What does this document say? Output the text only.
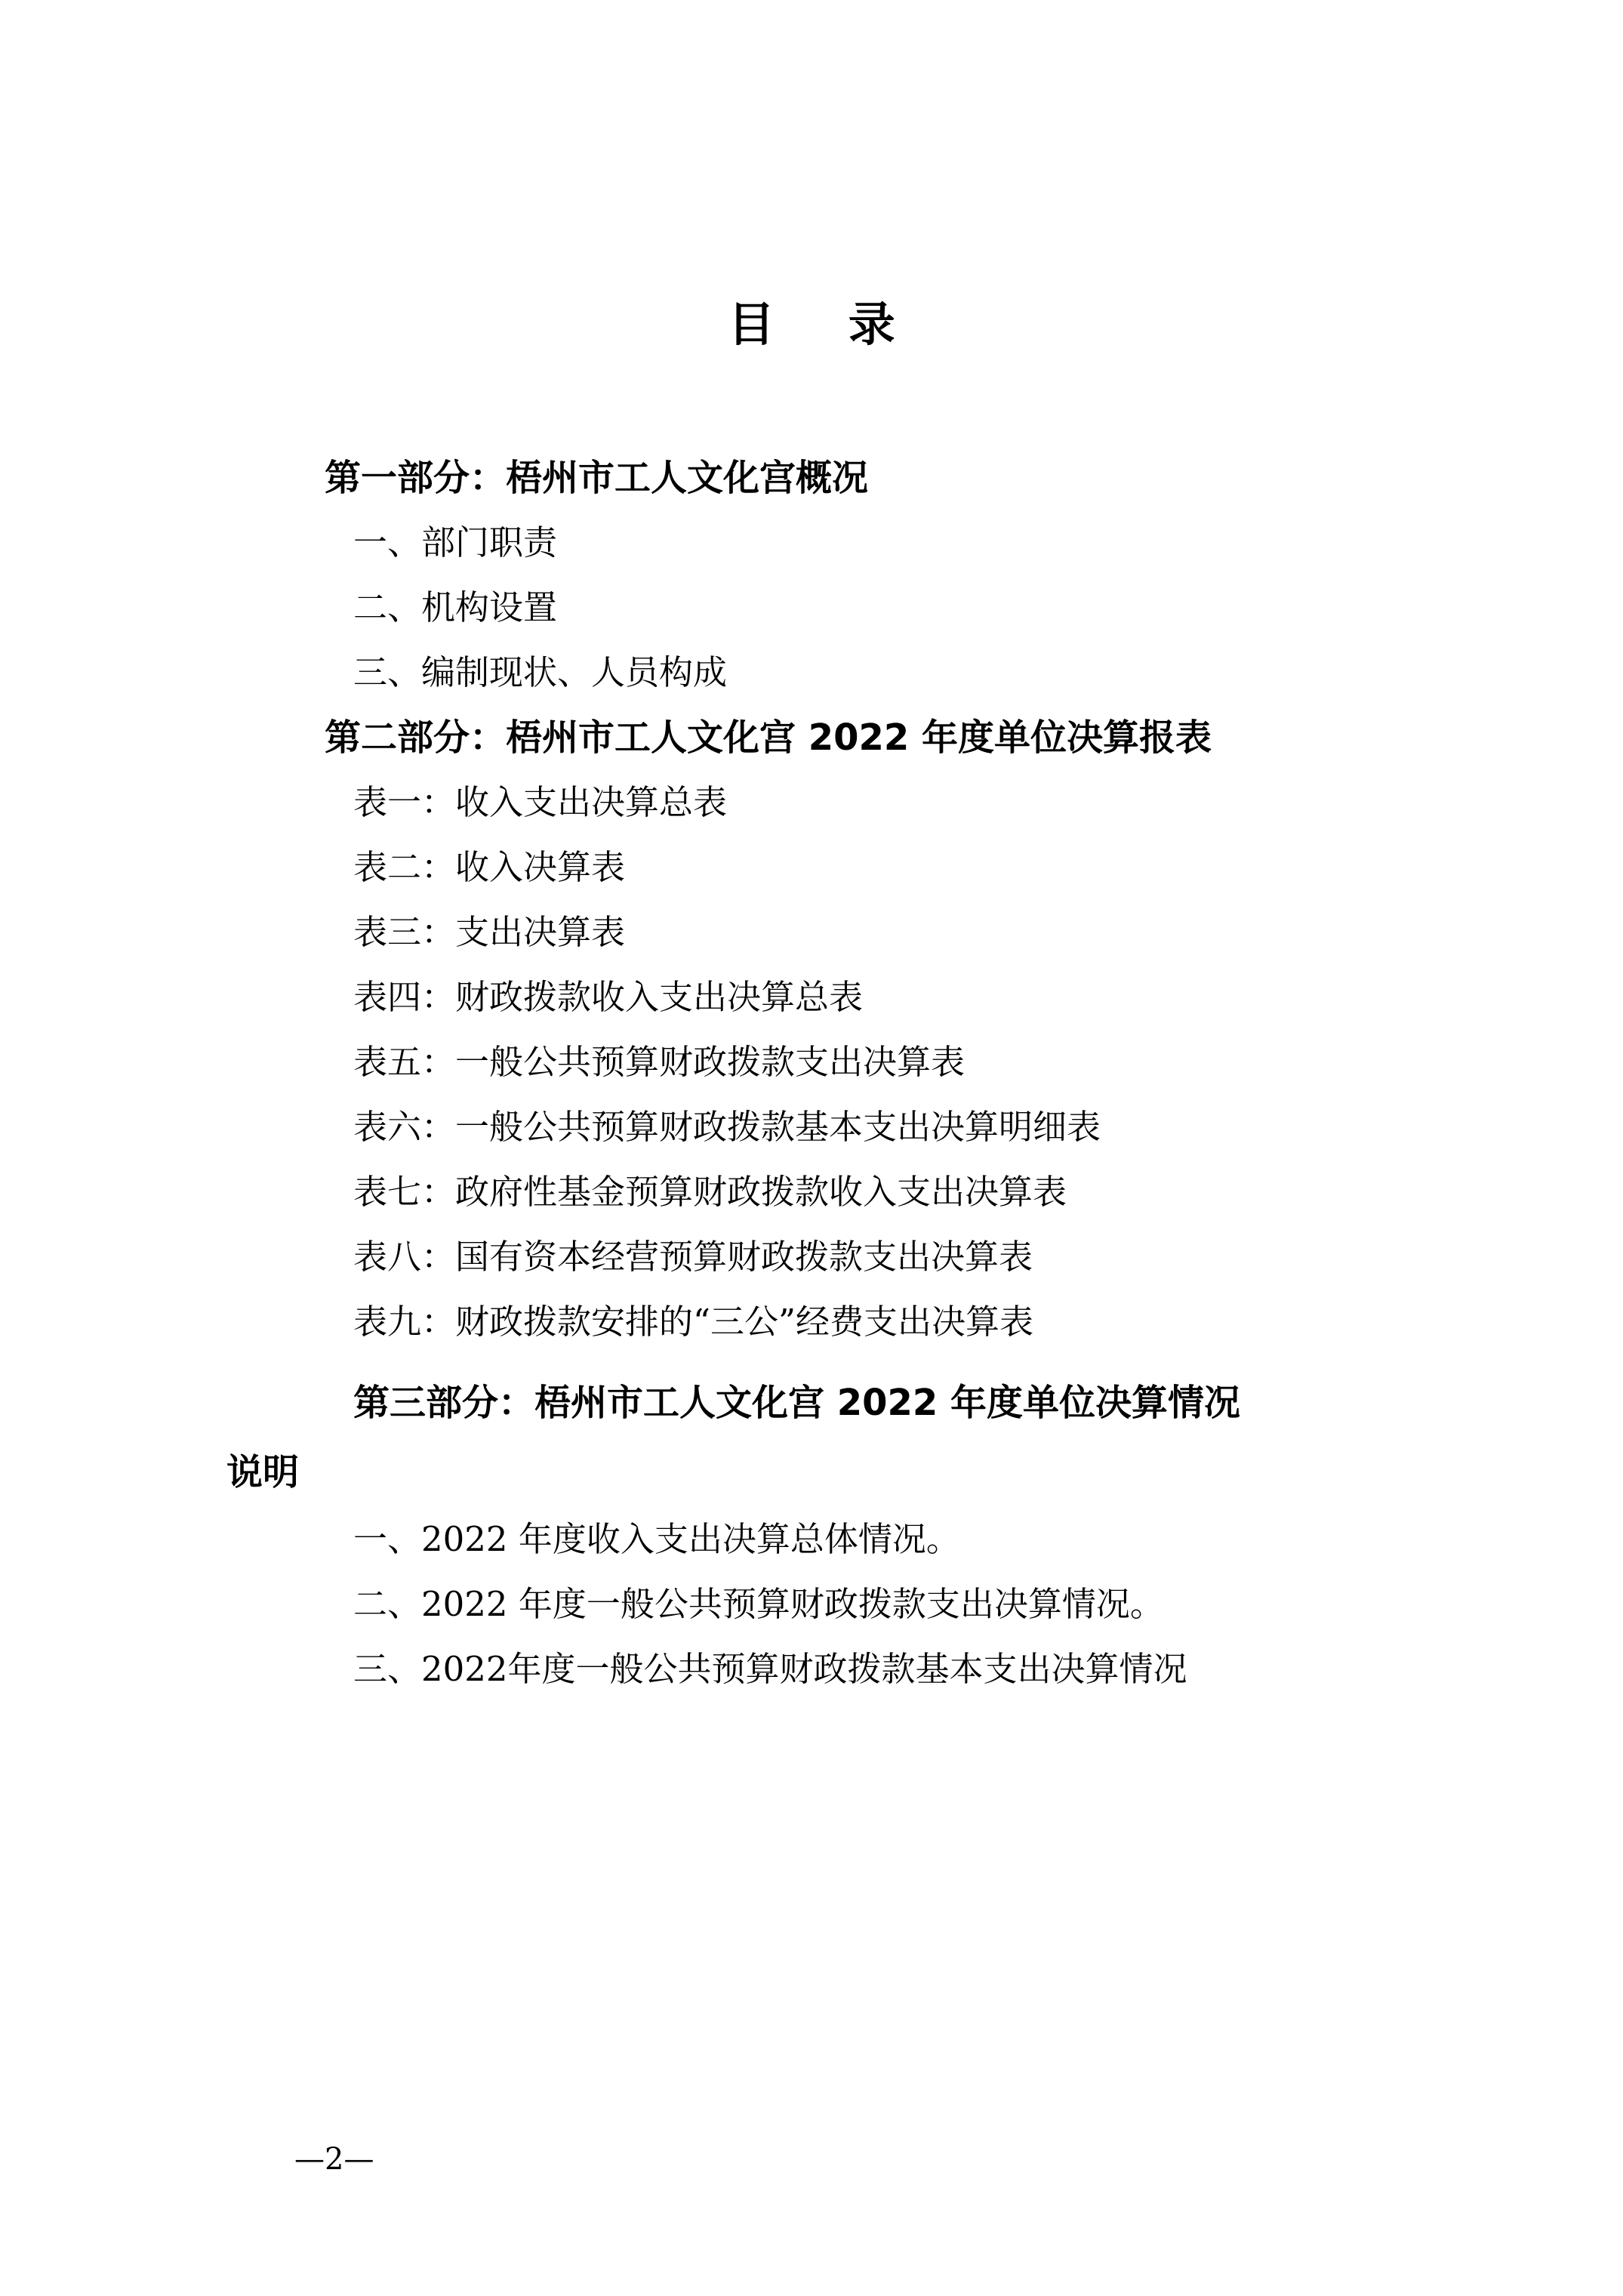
目 录
第一部分：梧州市工人文化宫概况
一、部门职责
二、机构设置
三、编制现状、人员构成
第二部分：梧州市工人文化宫 2022 年度单位决算报表
表一：收入支出决算总表
表二：收入决算表
表三：支出决算表
表四：财政拨款收入支出决算总表
表五：一般公共预算财政拨款支出决算表
表六：一般公共预算财政拨款基本支出决算明细表
表七：政府性基金预算财政拨款收入支出决算表
表八：国有资本经营预算财政拨款支出决算表
表九：财政拨款安排的“三公”经费支出决算表
第三部分：梧州市工人文化宫 2022 年度单位决算情况
说明
一、2022 年度收入支出决算总体情况。
二、2022 年度一般公共预算财政拨款支出决算情况。
三、2022年度一般公共预算财政拨款基本支出决算情况
—2—
